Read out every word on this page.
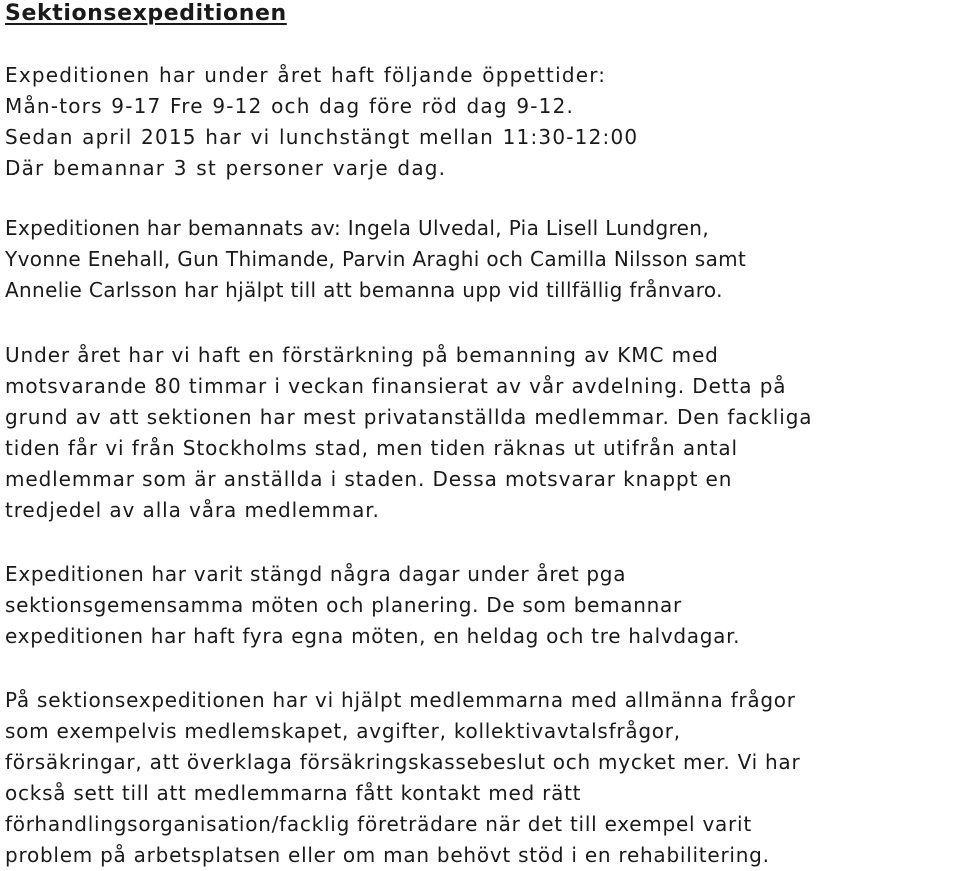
Sektionsexpeditionen

Expeditionen har under året haft följande öppettider:
Mån-tors 9-17 Fre 9-12 och dag före röd dag 9-12.
Sedan april 2015 har vi lunchstängt mellan 11:30-12:00
Där bemannar 3 st personer varje dag.

Expeditionen har bemannats av: Ingela Ulvedal, Pia Lisell Lundgren,
Yvonne Enehall, Gun Thimande, Parvin Araghi och Camilla Nilsson samt
Annelie Carlsson har hjälpt till att bemanna upp vid tillfällig frånvaro.

Under året har vi haft en förstärkning på bemanning av KMC med
motsvarande 80 timmar i veckan finansierat av vår avdelning. Detta på
grund av att sektionen har mest privatanställda medlemmar. Den fackliga
tiden får vi från Stockholms stad, men tiden räknas ut utifrån antal
medlemmar som är anställda i staden. Dessa motsvarar knappt en
tredjedel av alla våra medlemmar.

Expeditionen har varit stängd några dagar under året pga
sektionsgemensamma möten och planering. De som bemannar
expeditionen har haft fyra egna möten, en heldag och tre halvdagar.

På sektionsexpeditionen har vi hjälpt medlemmarna med allmänna frågor
som exempelvis medlemskapet, avgifter, kollektivavtalsfrågor,
försäkringar, att överklaga försäkringskassebeslut och mycket mer. Vi har
också sett till att medlemmarna fått kontakt med rätt
förhandlingsorganisation/facklig företrädare när det till exempel varit
problem på arbetsplatsen eller om man behövt stöd i en rehabilitering.
